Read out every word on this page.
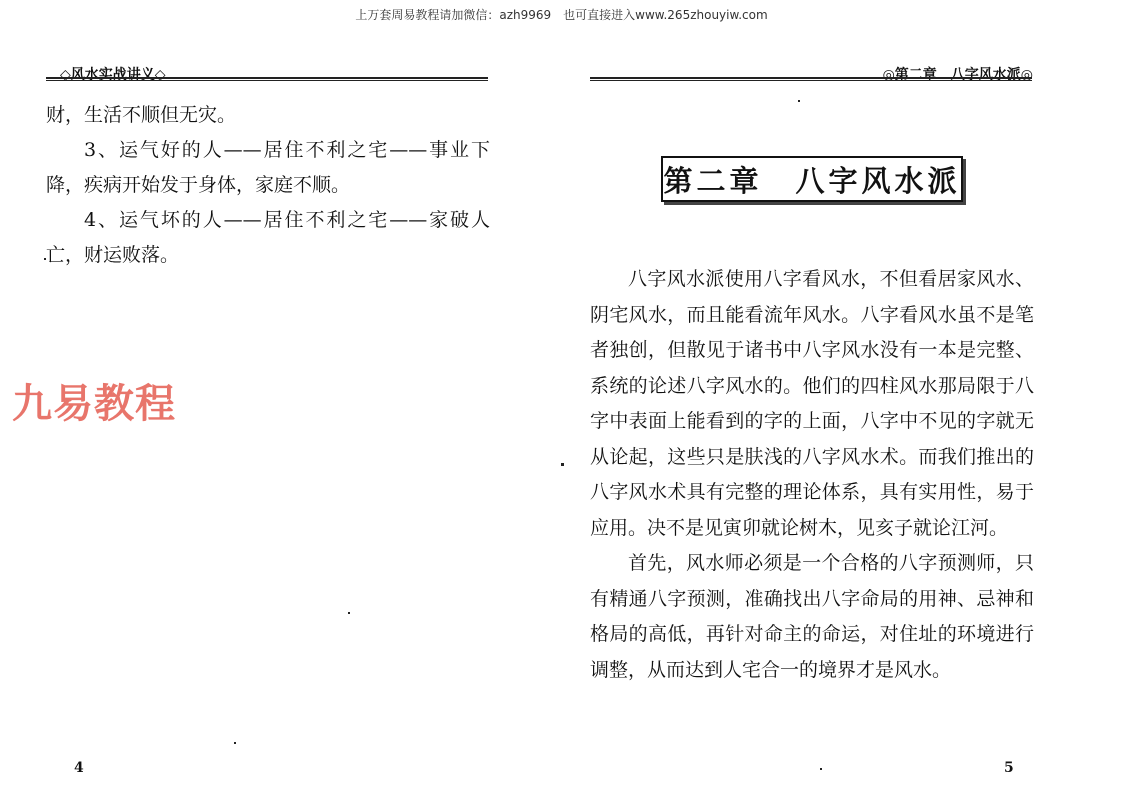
上万套周易教程请加微信：azh9969　也可直接进入www.265zhouyiw.com
◇风水实战讲义◇

财，生活不顺但无灾。

3、运气好的人——居住不利之宅——事业下降，疾病开始发于身体，家庭不顺。

4、运气坏的人——居住不利之宅——家破人亡，财运败落。

九易教程
4
◎第二章　八字风水派◎
第二章　八字风水派

八字风水派使用八字看风水，不但看居家风水、阴宅风水，而且能看流年风水。八字看风水虽不是笔者独创，但散见于诸书中八字风水没有一本是完整、系统的论述八字风水的。他们的四柱风水那局限于八字中表面上能看到的字的上面，八字中不见的字就无从论起，这些只是肤浅的八字风水术。而我们推出的八字风水术具有完整的理论体系，具有实用性，易于应用。决不是见寅卯就论树木，见亥子就论江河。

首先，风水师必须是一个合格的八字预测师，只有精通八字预测，准确找出八字命局的用神、忌神和格局的高低，再针对命主的命运，对住址的环境进行调整，从而达到人宅合一的境界才是风水。

5
